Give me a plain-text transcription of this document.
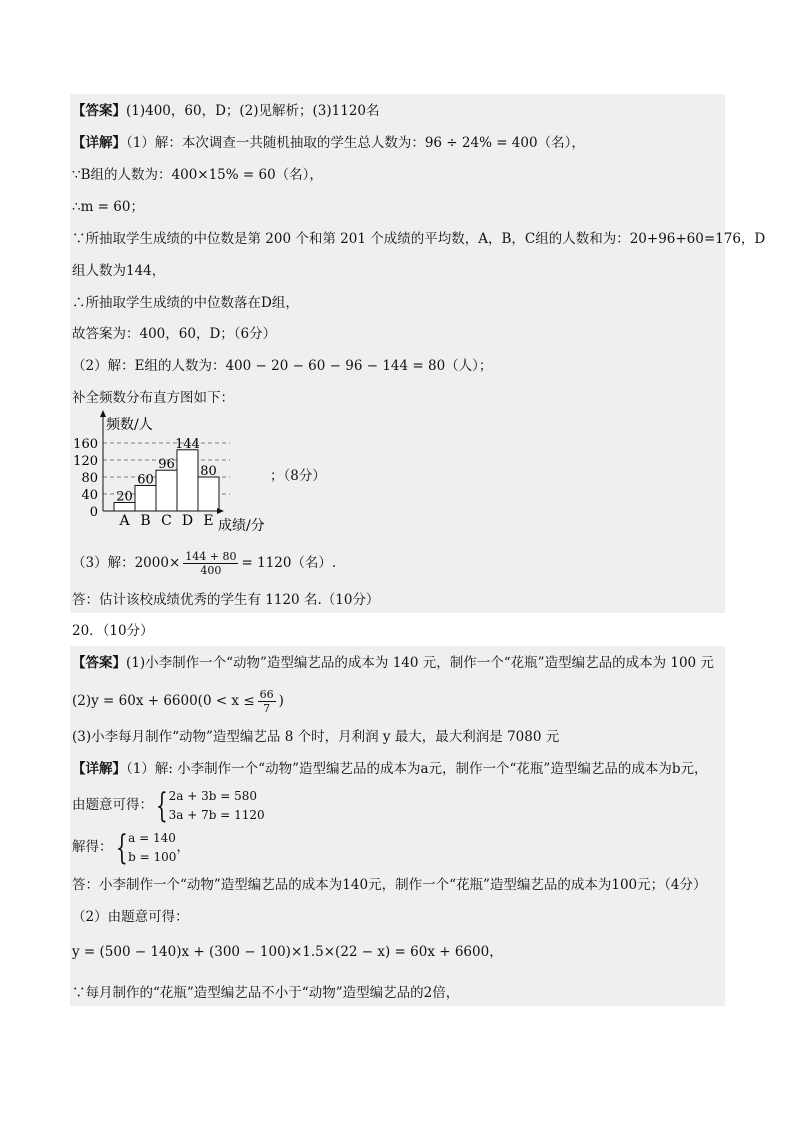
【答案】(1)400，60，D；(2)见解析；(3)1120名
【详解】（1）解：本次调查一共随机抽取的学生总人数为：96 ÷ 24% = 400（名），
∵B组的人数为：400×15% = 60（名），
∴m = 60；
∵所抽取学生成绩的中位数是第 200 个和第 201 个成绩的平均数，A，B，C组的人数和为：20+96+60=176，D
组人数为144，
∴所抽取学生成绩的中位数落在D组，
故答案为：400，60，D；（6分）
（2）解：E组的人数为：400 − 20 − 60 − 96 − 144 = 80（人）；
补全频数分布直方图如下：
0
40
80
120
160
20
A
60
B
96
C
144
D
80
E
频数/人
成绩/分
；（8分）
（3）解：$2000\times \frac{144 + 80}{400} = 1120$（名）.
答：估计该校成绩优秀的学生有 1120 名.（10分）
20．（10分）
【答案】(1)小李制作一个“动物”造型编艺品的成本为 140 元，制作一个“花瓶”造型编艺品的成本为 100 元
$(2)y = 60x + 6600(0 < x \le \frac{66}{7}$ )
(3)小李每月制作“动物”造型编艺品 8 个时，月利润 y 最大，最大利润是 7080 元
【详解】（1）解: 小李制作一个“动物”造型编艺品的成本为a元，制作一个“花瓶”造型编艺品的成本为b元，
由题意可得：{ 2a + 3b = 580
3a + 7b = 1120
解得：{ a = 140
b = 100
，
答：小李制作一个“动物”造型编艺品的成本为140元，制作一个“花瓶”造型编艺品的成本为100元；（4分）
（2）由题意可得：
y = (500 − 140)x + (300 − 100)×1.5×(22 − x) = 60x + 6600，
∵每月制作的“花瓶”造型编艺品不小于“动物”造型编艺品的2倍，
